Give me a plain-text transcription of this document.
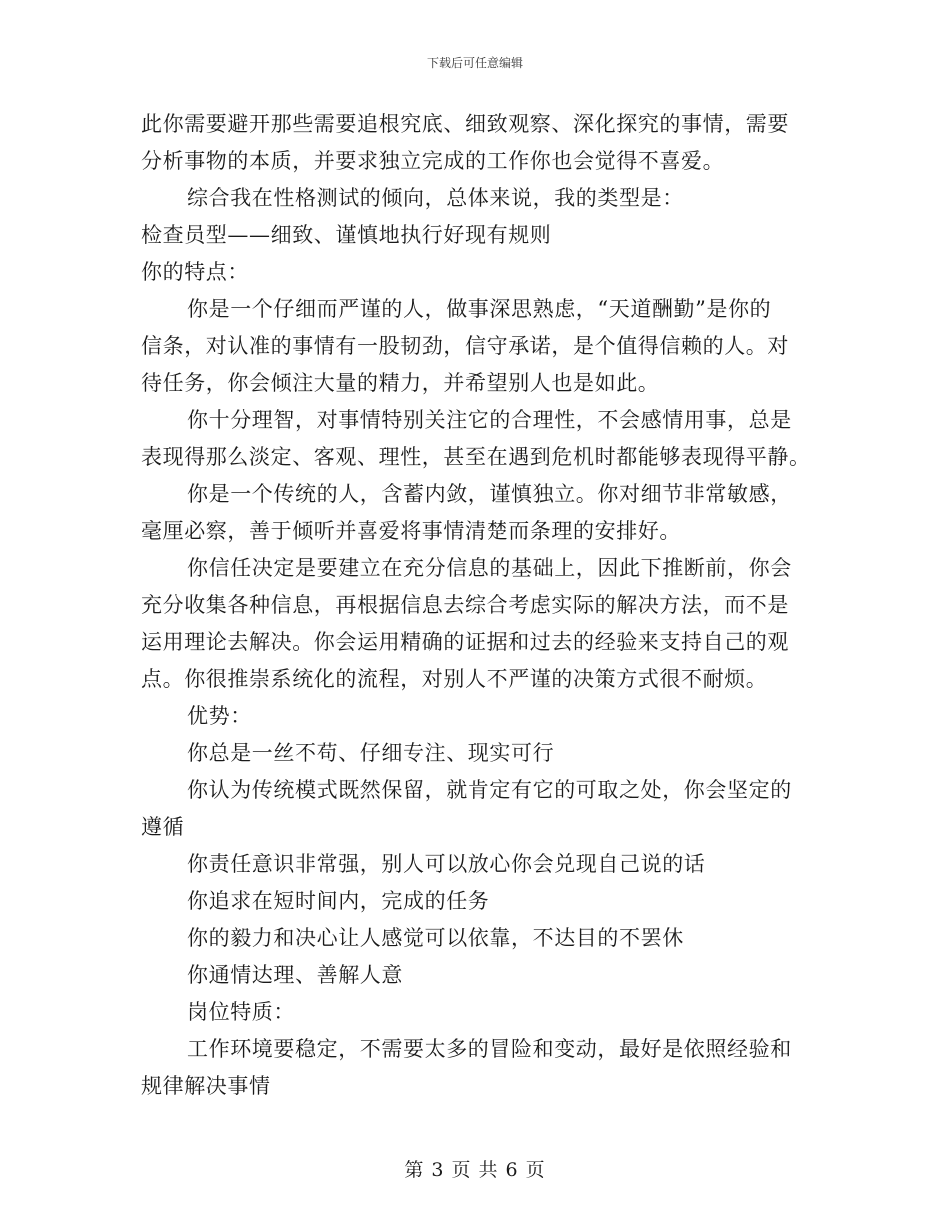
下载后可任意编辑
此你需要避开那些需要追根究底、细致观察、深化探究的事情，需要
分析事物的本质，并要求独立完成的工作你也会觉得不喜爱。
综合我在性格测试的倾向，总体来说，我的类型是：
检查员型——细致、谨慎地执行好现有规则
你的特点：
你是一个仔细而严谨的人，做事深思熟虑，“天道酬勤”是你的
信条，对认准的事情有一股韧劲，信守承诺，是个值得信赖的人。对
待任务，你会倾注大量的精力，并希望别人也是如此。
你十分理智，对事情特别关注它的合理性，不会感情用事，总是
表现得那么淡定、客观、理性，甚至在遇到危机时都能够表现得平静。
你是一个传统的人，含蓄内敛，谨慎独立。你对细节非常敏感，
毫厘必察，善于倾听并喜爱将事情清楚而条理的安排好。
你信任决定是要建立在充分信息的基础上，因此下推断前，你会
充分收集各种信息，再根据信息去综合考虑实际的解决方法，而不是
运用理论去解决。你会运用精确的证据和过去的经验来支持自己的观
点。你很推崇系统化的流程，对别人不严谨的决策方式很不耐烦。
优势：
你总是一丝不苟、仔细专注、现实可行
你认为传统模式既然保留，就肯定有它的可取之处，你会坚定的
遵循
你责任意识非常强，别人可以放心你会兑现自己说的话
你追求在短时间内，完成的任务
你的毅力和决心让人感觉可以依靠，不达目的不罢休
你通情达理、善解人意
岗位特质：
工作环境要稳定，不需要太多的冒险和变动，最好是依照经验和
规律解决事情
第 3 页 共 6 页
